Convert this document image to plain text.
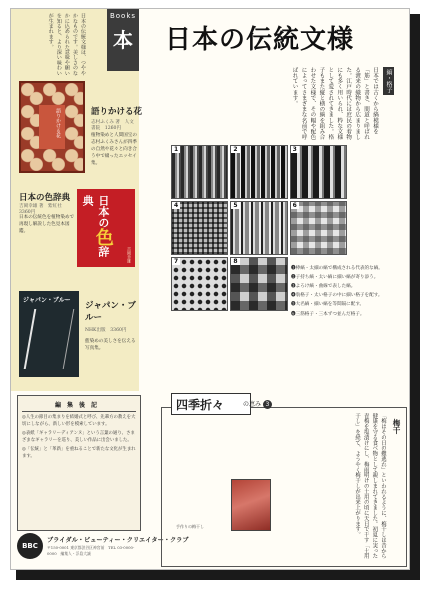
日本の伝統文様は、つややかなものです。美しさのなかに込められた意味や願いを知ると、より深い味わいが生まれます。	Books
本
語りかける花	語りかける花
志村ふくみ 著　人文書院　1260円
植物染めと人間国宝の志村ふくみさんが四季の自然や花々と向き合う中で綴ったエッセイ集。
日本の色辞典
吉岡幸雄 著　紫紅社　3360円
日本の伝統色を植物染めで再現し解説した色見本図鑑。
日本の色辞典
吉岡幸雄
ジャパン・ブルー
ジャパン・ブルー
NHK出版　3360円
藍染めの美しさを伝える写真集。
日本の伝統文様
縞・格子
日本では古くから縞模様を「筋」と書き、間道と呼ばれる渡来の織物から広まりました。江戸時代には庶民の着物にも多く用いられ、粋な文様として愛されてきました。格子もまた縦と横の縞を組み合わせた文様で、その幅や配色によってさまざまな名前で呼ばれています。
1	2	3
4	5	6
7	8

❶棒縞・太細の縞で構成される代表的な縞。

❷子持ち縞・太い縞に細い縞が寄り添う。

❸よろけ縞・曲線で表した縞。

❹翁格子・太い格子の中に細い格子を配す。

❺大名縞・細い縞を等間隔に配す。

❻三筋格子・三本ずつ並んだ格子。

編集後記

◎人生の節目の集まりを結婚式と呼び、先輩方の教えを大切にしながら、新しい形を模索しています。

◎表紙「ギャラリーディアンヌ」という言葉の通り、さまざまなギャラリーを巡り、美しい作品に出会いました。

◎「伝統」と「革新」を重ねることで新たな文化が生まれます。

BBC
ブライダル・ビューティー・クリエイター・クラブ
〒150-0001 東京都渋谷区神宮前　TEL 03-0000-0000　編集人・浮島大誠
四季折々	の恵み 3
梅干
「梅はその日の難逃れ」といわれるように、梅干しは昔から健康を守る食べ物として親しまれてきました。初夏に実った青梅を塩漬けにし、梅雨明けの土用の頃に天日で干す「土用干し」を経て、ようやく梅干しが出来上がります。
手作りの梅干し
